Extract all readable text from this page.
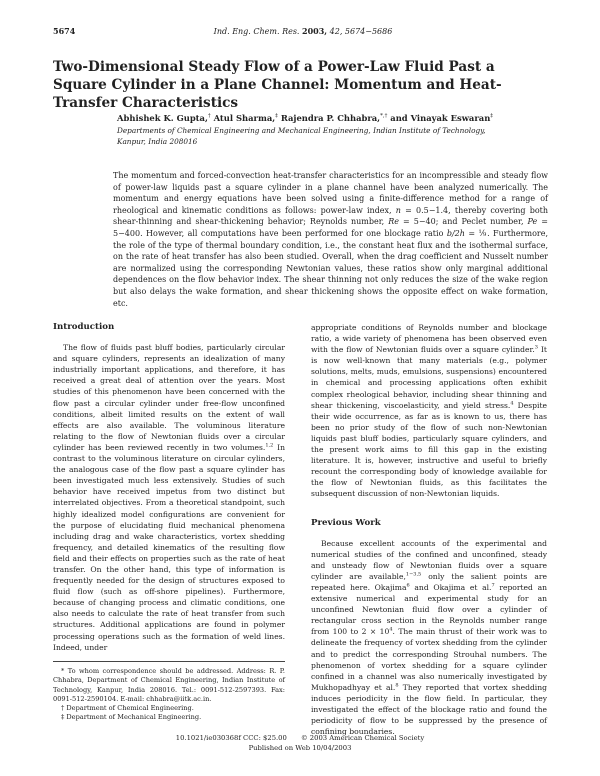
5674	Ind. Eng. Chem. Res. 2003, 42, 5674−5686
Two-Dimensional Steady Flow of a Power-Law Fluid Past a Square Cylinder in a Plane Channel: Momentum and Heat-Transfer Characteristics
Abhishek K. Gupta,† Atul Sharma,‡ Rajendra P. Chhabra,*,† and Vinayak Eswaran‡
Departments of Chemical Engineering and Mechanical Engineering, Indian Institute of Technology,
Kanpur, India 208016
The momentum and forced-convection heat-transfer characteristics for an incompressible and steady flow of power-law liquids past a square cylinder in a plane channel have been analyzed numerically. The momentum and energy equations have been solved using a finite-difference method for a range of rheological and kinematic conditions as follows: power-law index, n = 0.5−1.4, thereby covering both shear-thinning and shear-thickening behavior; Reynolds number, Re = 5−40; and Peclet number, Pe = 5−400. However, all computations have been performed for one blockage ratio b/2h = ⅑. Furthermore, the role of the type of thermal boundary condition, i.e., the constant heat flux and the isothermal surface, on the rate of heat transfer has also been studied. Overall, when the drag coefficient and Nusselt number are normalized using the corresponding Newtonian values, these ratios show only marginal additional dependences on the flow behavior index. The shear thinning not only reduces the size of the wake region but also delays the wake formation, and shear thickening shows the opposite effect on wake formation, etc.
Introduction

The flow of fluids past bluff bodies, particularly circular and square cylinders, represents an idealization of many industrially important applications, and therefore, it has received a great deal of attention over the years. Most studies of this phenomenon have been concerned with the flow past a circular cylinder under free-flow unconfined conditions, albeit limited results on the extent of wall effects are also available. The voluminous literature relating to the flow of Newtonian fluids over a circular cylinder has been reviewed recently in two volumes.$^{1,2}$ In contrast to the voluminous literature on circular cylinders, the analogous case of the flow past a square cylinder has been investigated much less extensively. Studies of such behavior have received impetus from two distinct but interrelated objectives. From a theoretical standpoint, such highly idealized model configurations are convenient for the purpose of elucidating fluid mechanical phenomena including drag and wake characteristics, vortex shedding frequency, and detailed kinematics of the resulting flow field and their effects on properties such as the rate of heat transfer. On the other hand, this type of information is frequently needed for the design of structures exposed to fluid flow (such as off-shore pipelines). Furthermore, because of changing process and climatic conditions, one also needs to calculate the rate of heat transfer from such structures. Additional applications are found in polymer processing operations such as the formation of weld lines. Indeed, under

appropriate conditions of Reynolds number and blockage ratio, a wide variety of phenomena has been observed even with the flow of Newtonian fluids over a square cylinder.$^3$ It is now well-known that many materials (e.g., polymer solutions, melts, muds, emulsions, suspensions) encountered in chemical and processing applications often exhibit complex rheological behavior, including shear thinning and shear thickening, viscoelasticity, and yield stress.$^4$ Despite their wide occurrence, as far as is known to us, there has been no prior study of the flow of such non-Newtonian liquids past bluff bodies, particularly square cylinders, and the present work aims to fill this gap in the existing literature. It is, however, instructive and useful to briefly recount the corresponding body of knowledge available for the flow of Newtonian fluids, as this facilitates the subsequent discussion of non-Newtonian liquids.

Previous Work

Because excellent accounts of the experimental and numerical studies of the confined and unconfined, steady and unsteady flow of Newtonian fluids over a square cylinder are available,$^{1-3,5}$ only the salient points are repeated here. Okajima$^6$ and Okajima et al.$^7$ reported an extensive numerical and experimental study for an unconfined Newtonian fluid flow over a cylinder of rectangular cross section in the Reynolds number range from 100 to $2 \times 10^4$. The main thrust of their work was to delineate the frequency of vortex shedding from the cylinder and to predict the corresponding Strouhal numbers. The phenomenon of vortex shedding for a square cylinder confined in a channel was also numerically investigated by Mukhopadhyay et al.$^8$ They reported that vortex shedding induces periodicity in the flow field. In particular, they investigated the effect of the blockage ratio and found the periodicity of flow to be suppressed by the presence of confining boundaries.

* To whom correspondence should be addressed. Address: R. P. Chhabra, Department of Chemical Engineering, Indian Institute of Technology, Kanpur, India 208016. Tel.: 0091-512-2597393. Fax: 0091-512-2590104. E-mail: chhabra@iitk.ac.in.

† Department of Chemical Engineering.

‡ Department of Mechanical Engineering.

10.1021/ie030368f CCC: $25.00 © 2003 American Chemical Society
Published on Web 10/04/2003
